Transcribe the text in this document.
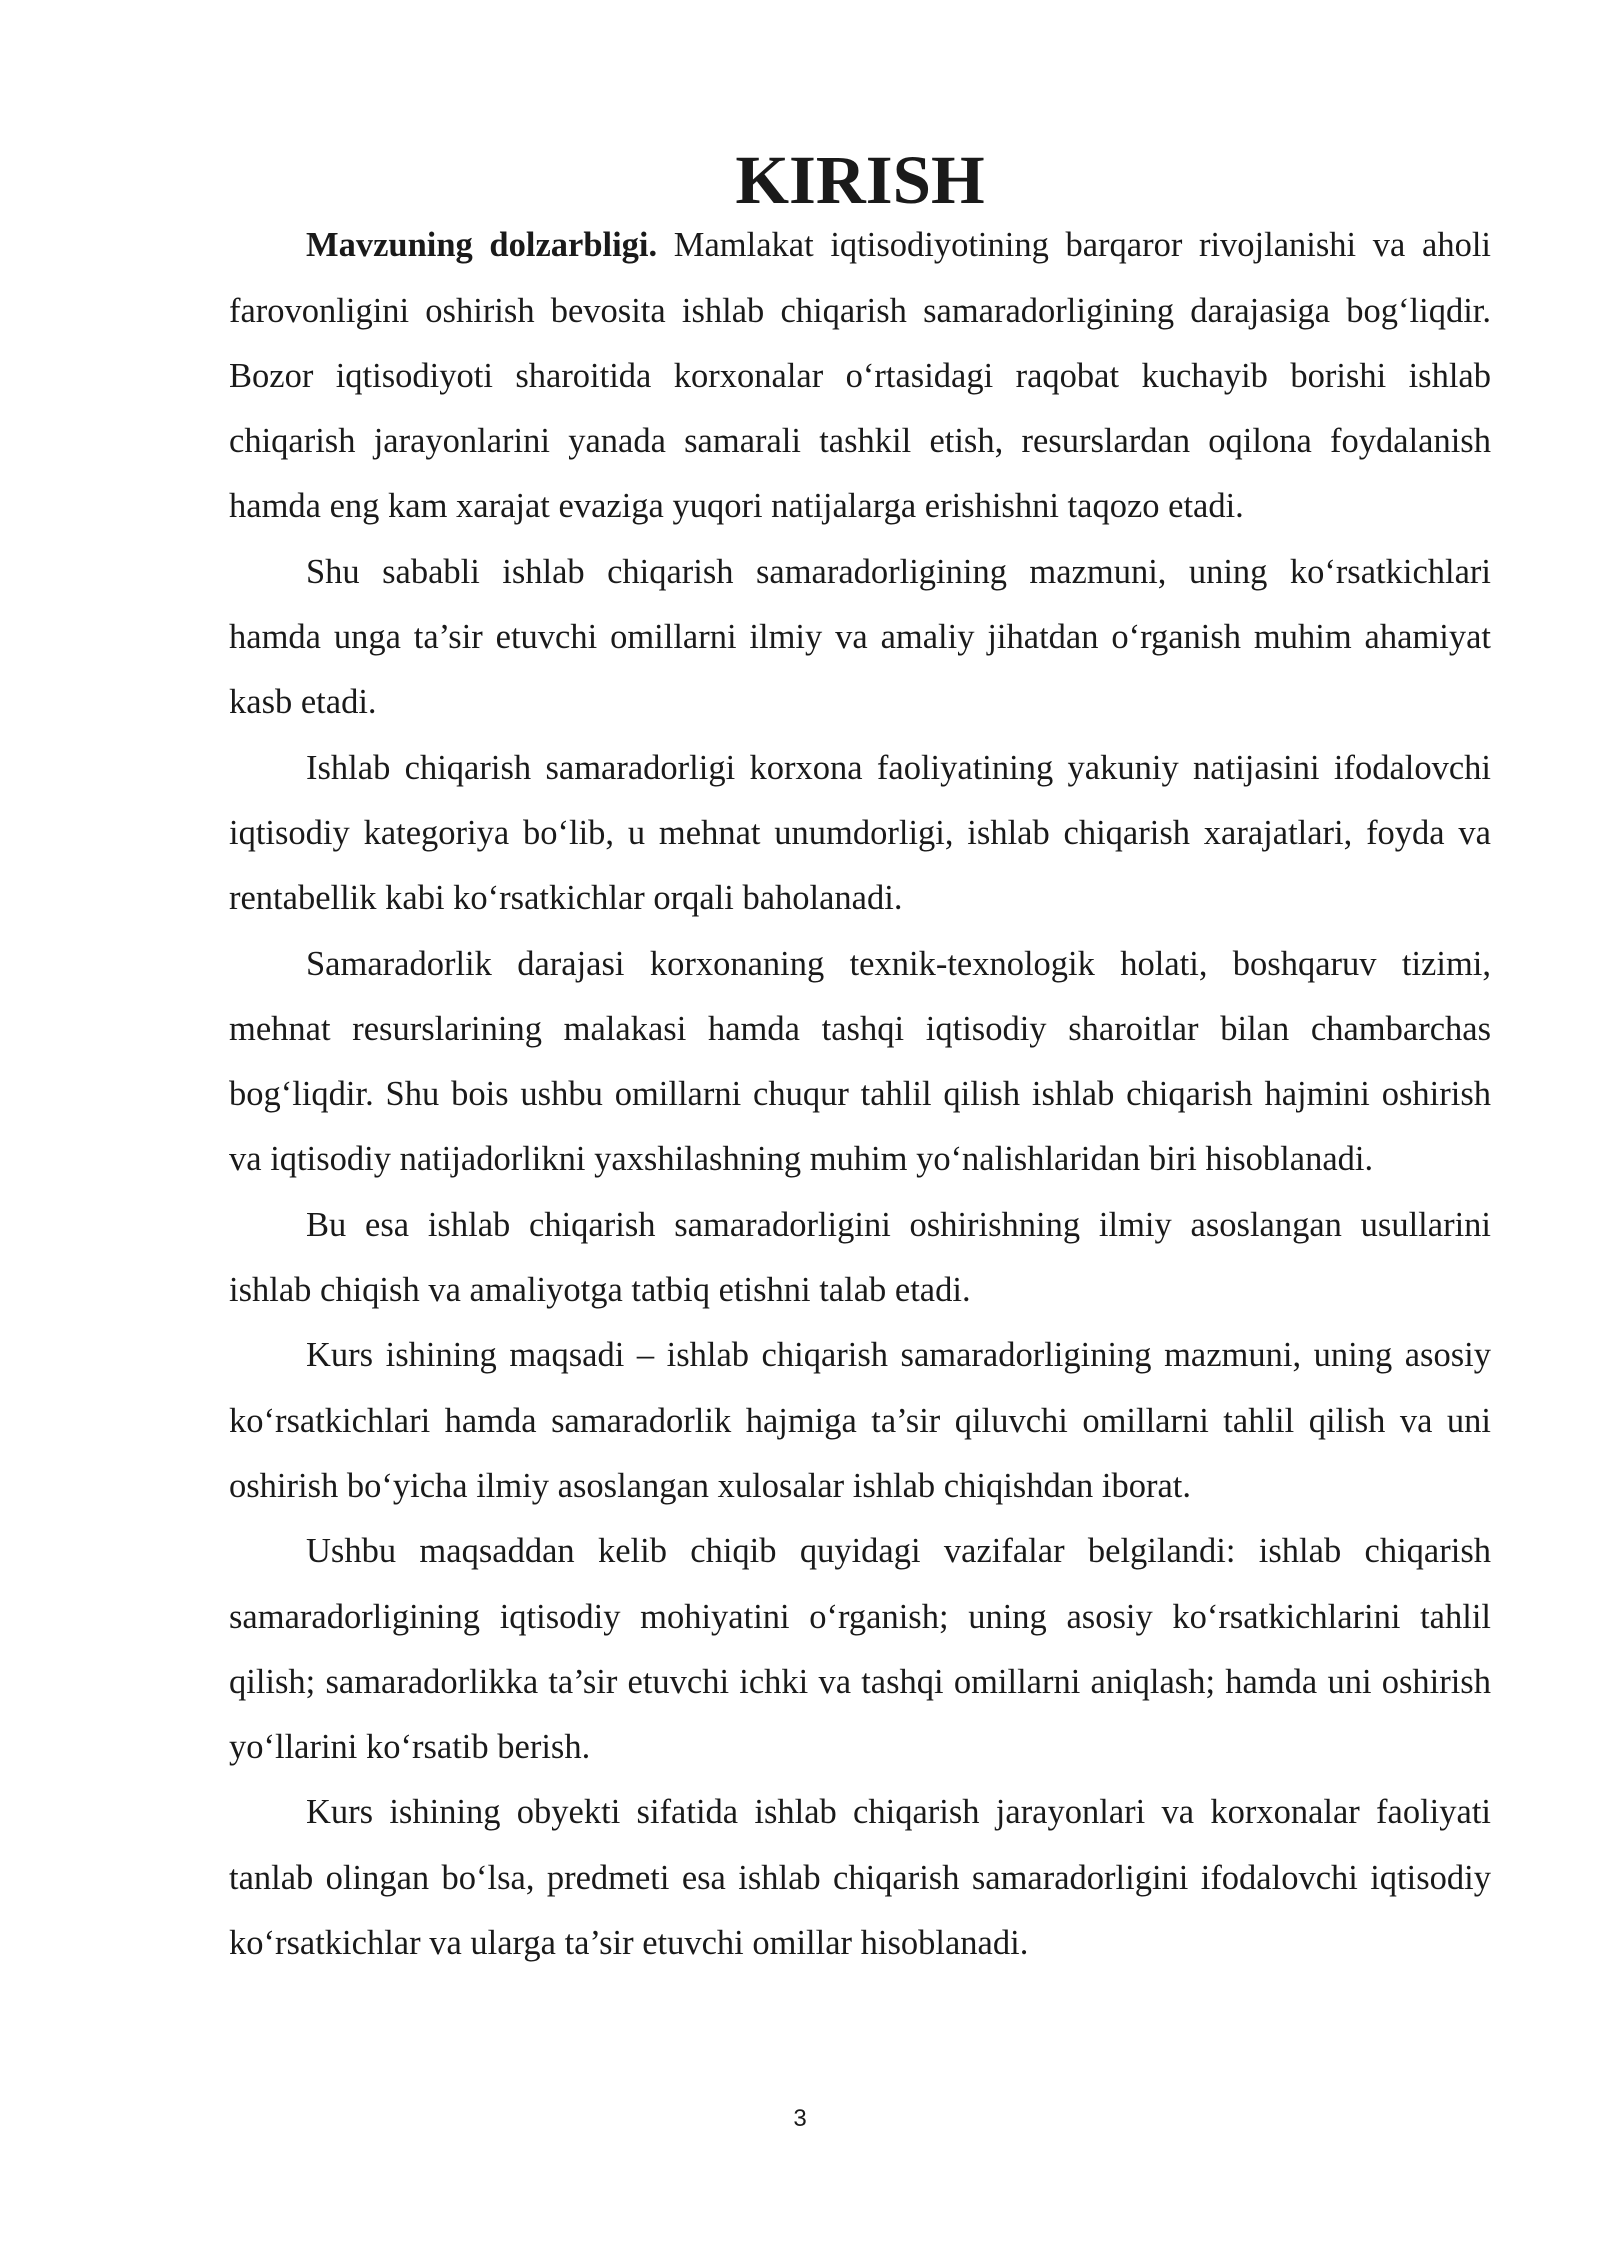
KIRISH

Mavzuning dolzarbligi. Mamlakat iqtisodiyotining barqaror rivojlanishi va aholi farovonligini oshirish bevosita ishlab chiqarish samaradorligining darajasiga bog‘liqdir. Bozor iqtisodiyoti sharoitida korxonalar o‘rtasidagi raqobat kuchayib borishi ishlab chiqarish jarayonlarini yanada samarali tashkil etish, resurslardan oqilona foydalanish hamda eng kam xarajat evaziga yuqori natijalarga erishishni taqozo etadi.

Shu sababli ishlab chiqarish samaradorligining mazmuni, uning ko‘rsatkichlari hamda unga ta’sir etuvchi omillarni ilmiy va amaliy jihatdan o‘rganish muhim ahamiyat kasb etadi.

Ishlab chiqarish samaradorligi korxona faoliyatining yakuniy natijasini ifodalovchi iqtisodiy kategoriya bo‘lib, u mehnat unumdorligi, ishlab chiqarish xarajatlari, foyda va rentabellik kabi ko‘rsatkichlar orqali baholanadi.

Samaradorlik darajasi korxonaning texnik-texnologik holati, boshqaruv tizimi, mehnat resurslarining malakasi hamda tashqi iqtisodiy sharoitlar bilan chambarchas bog‘liqdir. Shu bois ushbu omillarni chuqur tahlil qilish ishlab chiqarish hajmini oshirish va iqtisodiy natijadorlikni yaxshilashning muhim yo‘nalishlaridan biri hisoblanadi.

Bu esa ishlab chiqarish samaradorligini oshirishning ilmiy asoslangan usullarini ishlab chiqish va amaliyotga tatbiq etishni talab etadi.

Kurs ishining maqsadi – ishlab chiqarish samaradorligining mazmuni, uning asosiy ko‘rsatkichlari hamda samaradorlik hajmiga ta’sir qiluvchi omillarni tahlil qilish va uni oshirish bo‘yicha ilmiy asoslangan xulosalar ishlab chiqishdan iborat.

Ushbu maqsaddan kelib chiqib quyidagi vazifalar belgilandi: ishlab chiqarish samaradorligining iqtisodiy mohiyatini o‘rganish; uning asosiy ko‘rsatkichlarini tahlil qilish; samaradorlikka ta’sir etuvchi ichki va tashqi omillarni aniqlash; hamda uni oshirish yo‘llarini ko‘rsatib berish.

Kurs ishining obyekti sifatida ishlab chiqarish jarayonlari va korxonalar faoliyati tanlab olingan bo‘lsa, predmeti esa ishlab chiqarish samaradorligini ifodalovchi iqtisodiy ko‘rsatkichlar va ularga ta’sir etuvchi omillar hisoblanadi.

3
